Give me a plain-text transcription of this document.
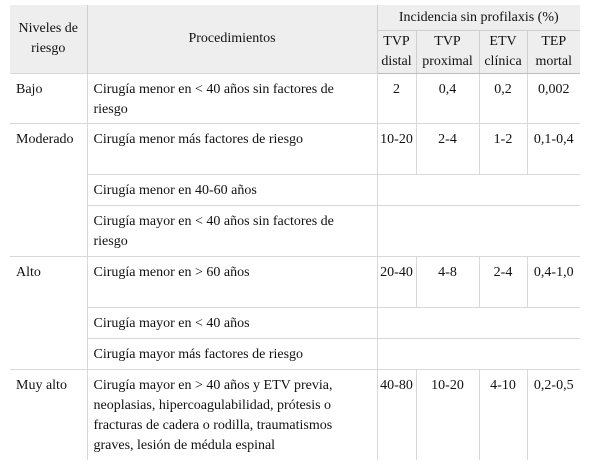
Niveles de riesgo	Procedimientos	Incidencia sin profilaxis (%)			
		TVP distal	TVP proximal	ETV clínica	TEP mortal
Bajo	Cirugía menor en < 40 años sin factores de riesgo	2	0,4	0,2	0,002
Moderado	Cirugía menor más factores de riesgo	10-20	2-4	1-2	0,1-0,4
	Cirugía menor en 40-60 años				
	Cirugía mayor en < 40 años sin factores de riesgo				
Alto	Cirugía menor en > 60 años	20-40	4-8	2-4	0,4-1,0
	Cirugía mayor en < 40 años				
	Cirugía mayor más factores de riesgo				
Muy alto	Cirugía mayor en > 40 años y ETV previa, neoplasias, hipercoagulabilidad, prótesis o fracturas de cadera o rodilla, traumatismos graves, lesión de médula espinal	40-80	10-20	4-10	0,2-0,5
